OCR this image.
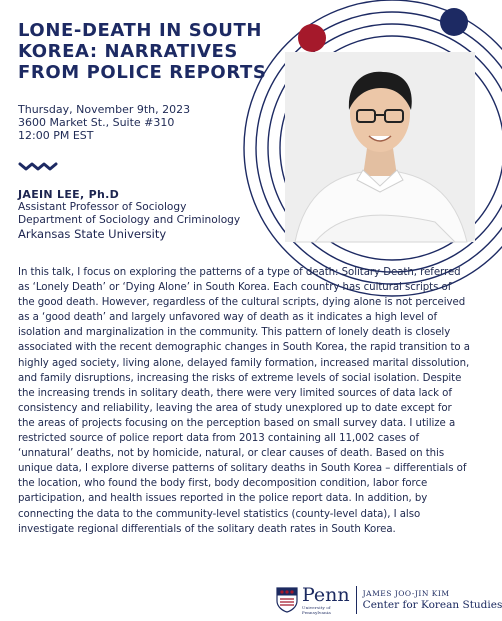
LONE-DEATH IN SOUTH KOREA: NARRATIVES FROM POLICE REPORTS
Thursday, November 9th, 2023
3600 Market St., Suite #310
12:00 PM EST
JAEIN LEE, Ph.D
Assistant Professor of Sociology
Department of Sociology and Criminology
Arkansas State University

In this talk, I focus on exploring the patterns of a type of death: Solitary Death, referred as ‘Lonely Death’ or ‘Dying Alone’ in South Korea. Each country has cultural scripts of the good death. However, regardless of the cultural scripts, dying alone is not perceived as a ‘good death’ and largely unfavored way of death as it indicates a high level of isolation and marginalization in the community. This pattern of lonely death is closely associated with the recent demographic changes in South Korea, the rapid transition to a highly aged society, living alone, delayed family formation, increased marital dissolution, and family disruptions, increasing the risks of extreme levels of social isolation. Despite the increasing trends in solitary death, there were very limited sources of data lack of consistency and reliability, leaving the area of study unexplored up to date except for the areas of projects focusing on the perception based on small survey data. I utilize a restricted source of police report data from 2013 containing all 11,002 cases of ‘unnatural’ deaths, not by homicide, natural, or clear causes of death. Based on this unique data, I explore diverse patterns of solitary deaths in South Korea – differentials of the location, who found the body first, body decomposition condition, labor force participation, and health issues reported in the police report data. In addition, by connecting the data to the community-level statistics (county-level data), I also investigate regional differentials of the solitary death rates in South Korea.

Penn
University of Pennsylvania
JAMES JOO-JIN KIM
Center for Korean Studies
